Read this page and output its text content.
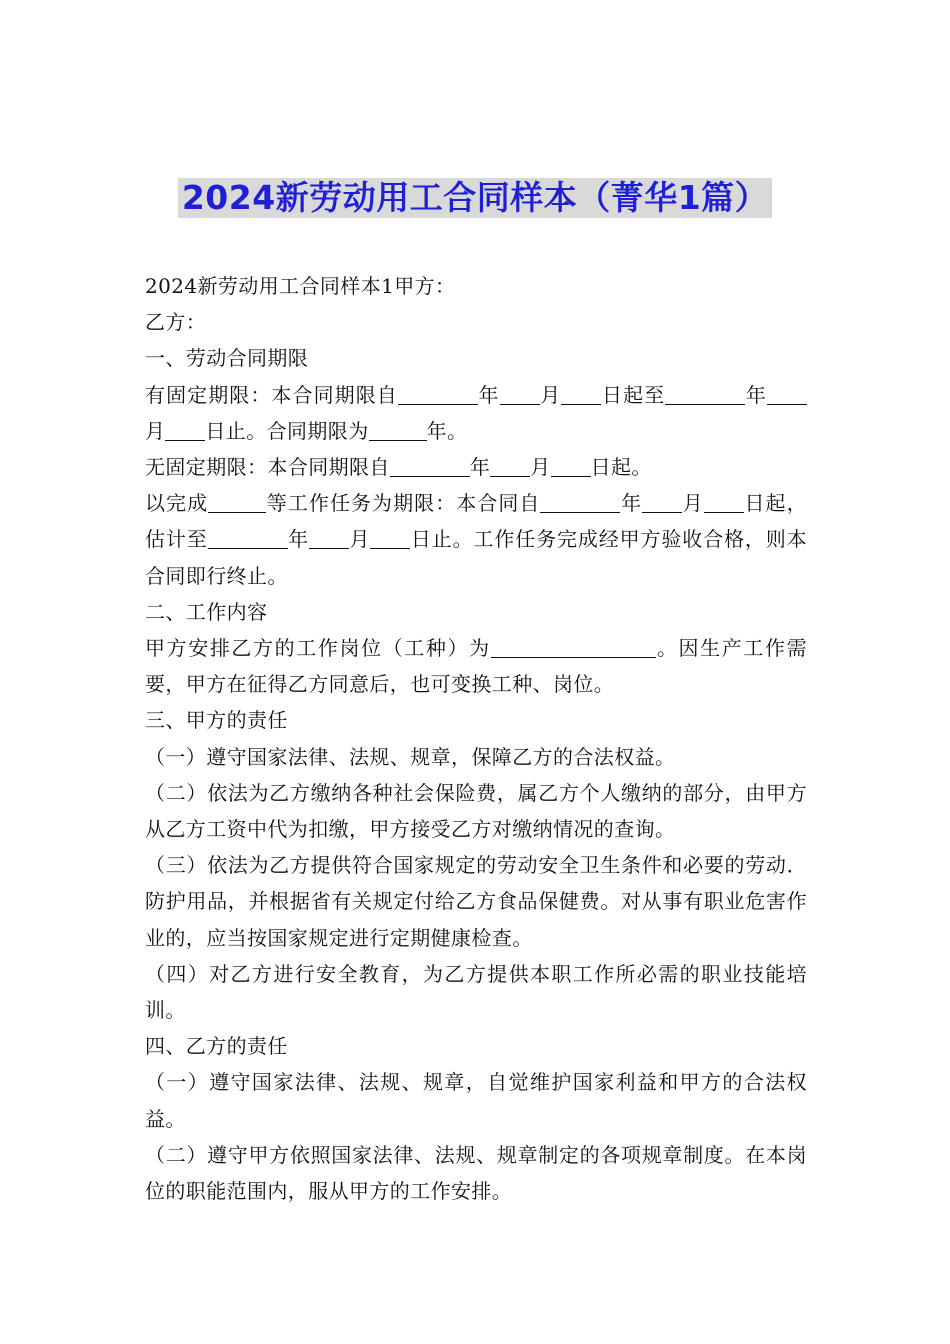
2024新劳动用工合同样本（菁华1篇）

2024新劳动用工合同样本1甲方：

乙方：

一、劳动合同期限

有固定期限：本合同期限自	年 月 日起至	年月 日止。合同期限为	年。

无固定期限：本合同期限自	年 月 日起。

以完成	等工作任务为期限：本合同自	年 月 日起，估计至	年 月 日止。工作任务完成经甲方验收合格，则本合同即行终止。

二、工作内容

甲方安排乙方的工作岗位（工种）为	。因生产工作需要，甲方在征得乙方同意后，也可变换工种、岗位。

三、甲方的责任

（一）遵守国家法律、法规、规章，保障乙方的合法权益。

（二）依法为乙方缴纳各种社会保险费，属乙方个人缴纳的部分，由甲方从乙方工资中代为扣缴，甲方接受乙方对缴纳情况的查询。

（三）依法为乙方提供符合国家规定的劳动安全卫生条件和必要的劳动．防护用品，并根据省有关规定付给乙方食品保健费。对从事有职业危害作业的，应当按国家规定进行定期健康检查。

（四）对乙方进行安全教育，为乙方提供本职工作所必需的职业技能培训。

四、乙方的责任

（一）遵守国家法律、法规、规章，自觉维护国家利益和甲方的合法权益。

（二）遵守甲方依照国家法律、法规、规章制定的各项规章制度。在本岗位的职能范围内，服从甲方的工作安排。
